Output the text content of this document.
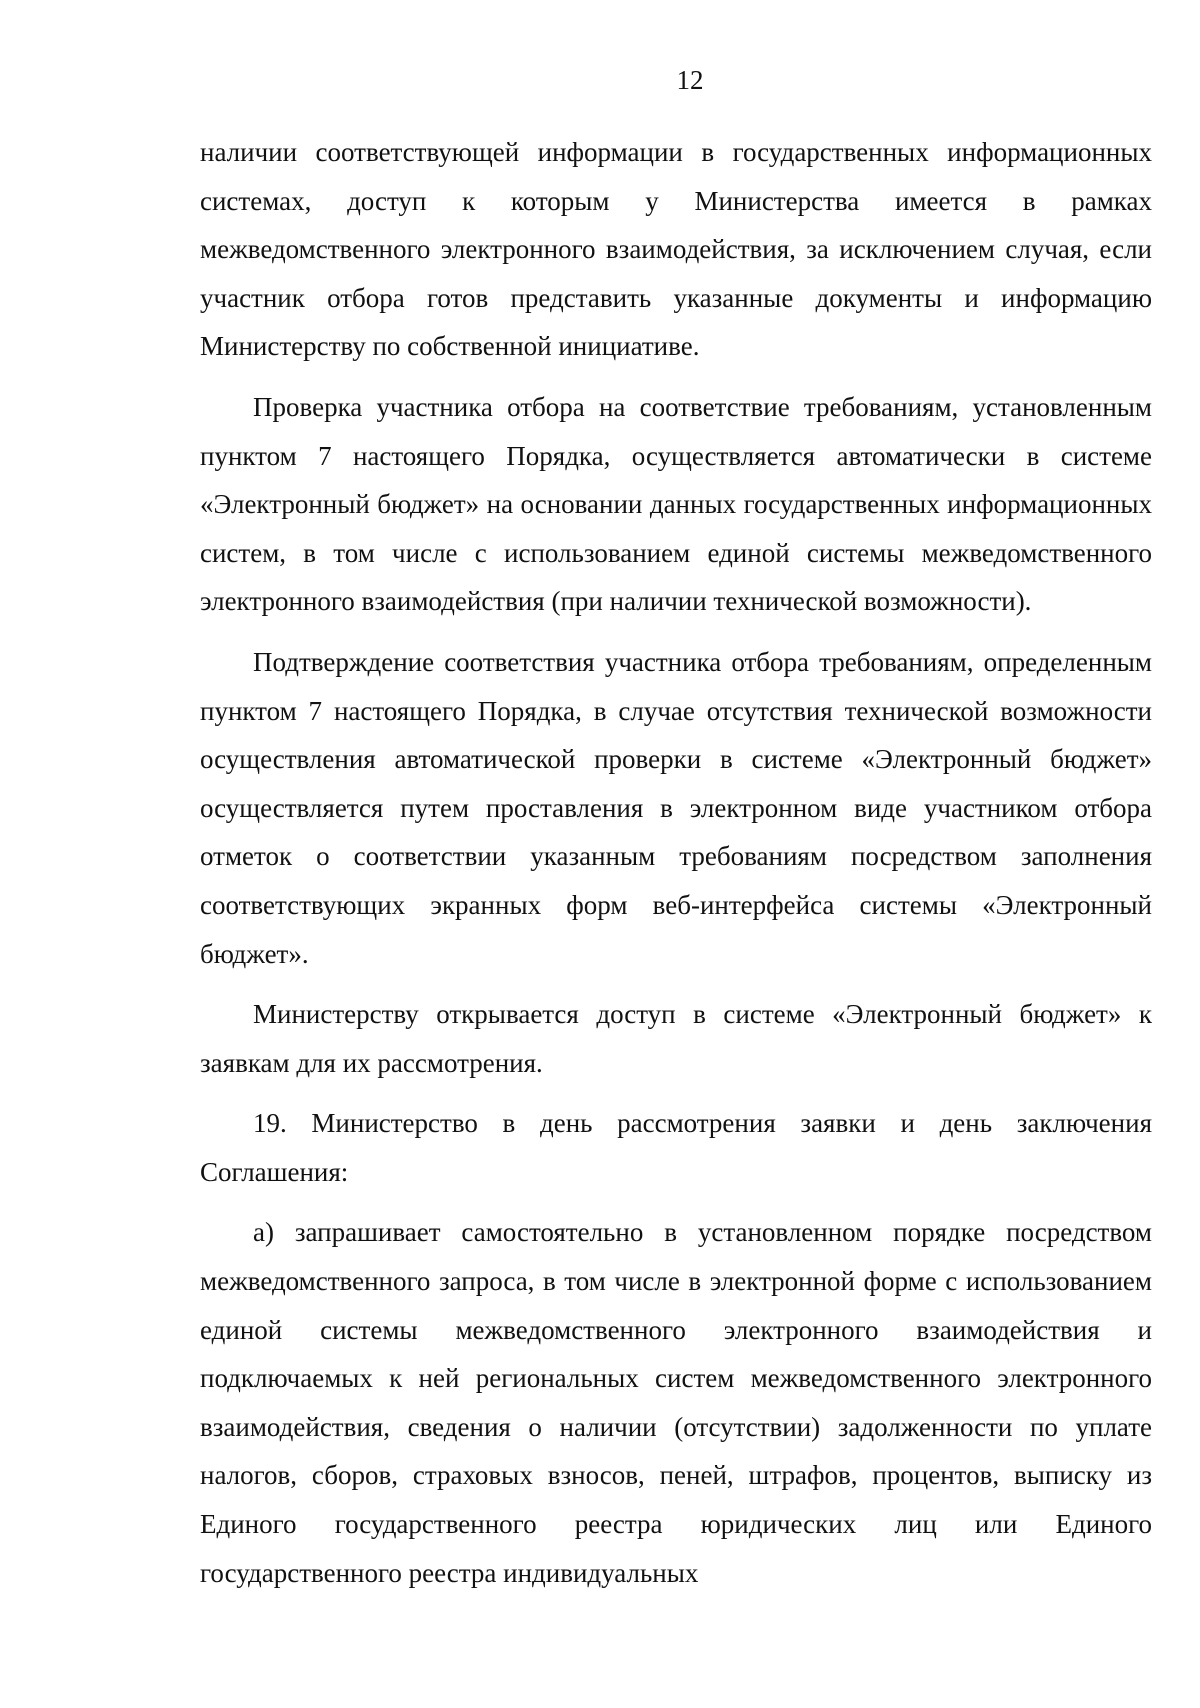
12

наличии соответствующей информации в государственных информационных системах, доступ к которым у Министерства имеется в рамках межведомственного электронного взаимодействия, за исключением случая, если участник отбора готов представить указанные документы и информацию Министерству по собственной инициативе.

Проверка участника отбора на соответствие требованиям, установленным пунктом 7 настоящего Порядка, осуществляется автоматически в системе «Электронный бюджет» на основании данных государственных информационных систем, в том числе с использованием единой системы межведомственного электронного взаимодействия (при наличии технической возможности).

Подтверждение соответствия участника отбора требованиям, определенным пунктом 7 настоящего Порядка, в случае отсутствия технической возможности осуществления автоматической проверки в системе «Электронный бюджет» осуществляется путем проставления в электронном виде участником отбора отметок о соответствии указанным требованиям посредством заполнения соответствующих экранных форм веб-интерфейса системы «Электронный бюджет».

Министерству открывается доступ в системе «Электронный бюджет» к заявкам для их рассмотрения.

19. Министерство в день рассмотрения заявки и день заключения Соглашения:

а) запрашивает самостоятельно в установленном порядке посредством межведомственного запроса, в том числе в электронной форме с использованием единой системы межведомственного электронного взаимодействия и подключаемых к ней региональных систем межведомственного электронного взаимодействия, сведения о наличии (отсутствии) задолженности по уплате налогов, сборов, страховых взносов, пеней, штрафов, процентов, выписку из Единого государственного реестра юридических лиц или Единого государственного реестра индивидуальных
